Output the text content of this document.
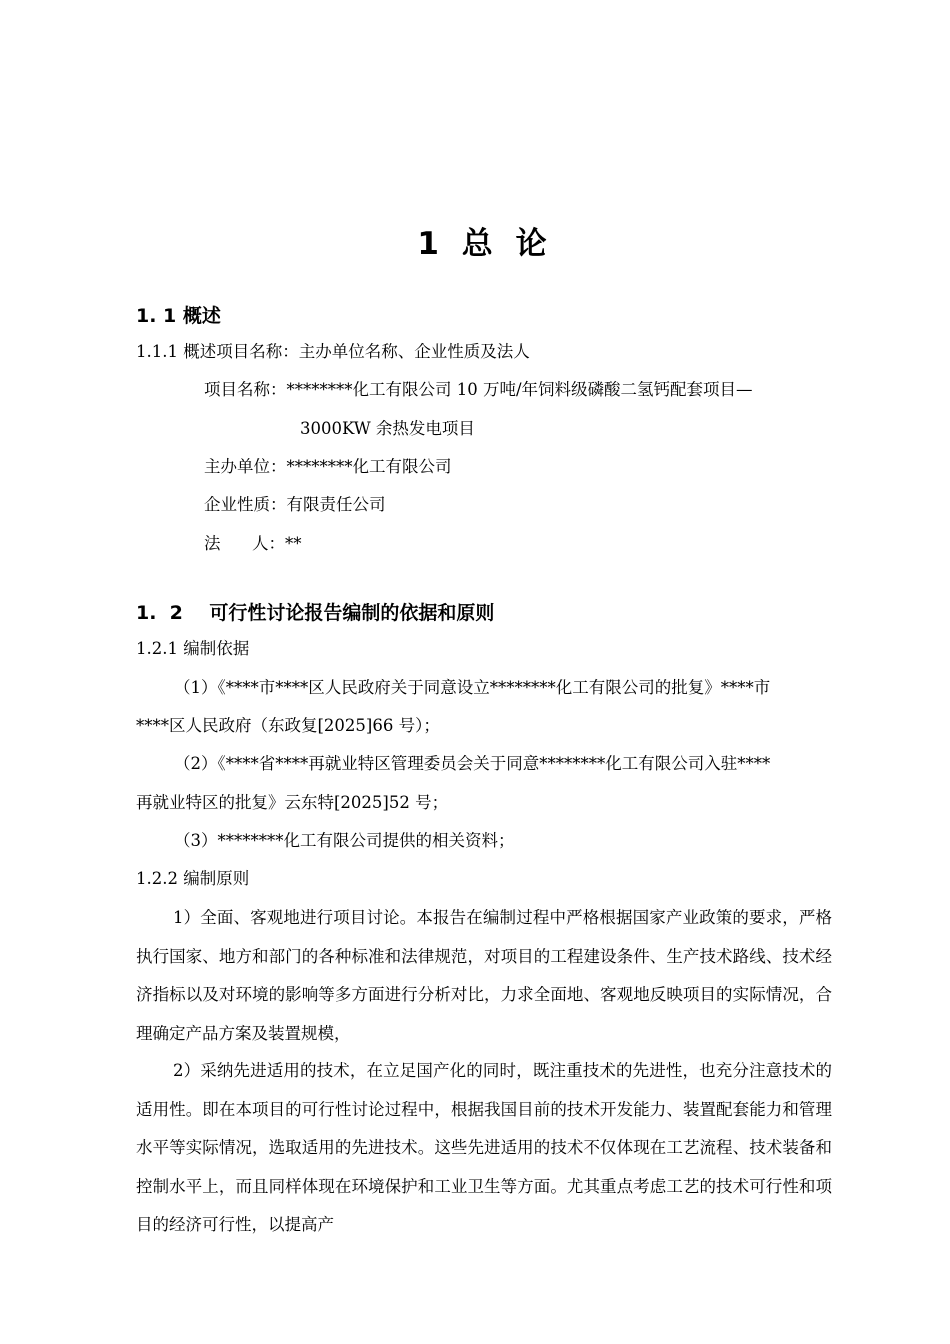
1 总 论
1. 1 概述
1.1.1 概述项目名称：主办单位名称、企业性质及法人
项目名称：********化工有限公司 10 万吨/年饲料级磷酸二氢钙配套项目—
3000KW 余热发电项目
主办单位：********化工有限公司
企业性质：有限责任公司
法      人：**
1.  2    可行性讨论报告编制的依据和原则
1.2.1 编制依据
（1）《****市****区人民政府关于同意设立********化工有限公司的批复》****市
****区人民政府（东政复[2025]66 号）；
（2）《****省****再就业特区管理委员会关于同意********化工有限公司入驻****
再就业特区的批复》云东特[2025]52 号；
（3）********化工有限公司提供的相关资料；
1.2.2 编制原则
1）全面、客观地进行项目讨论。本报告在编制过程中严格根据国家产业政策的要求，严格执行国家、地方和部门的各种标准和法律规范，对项目的工程建设条件、生产技术路线、技术经济指标以及对环境的影响等多方面进行分析对比，力求全面地、客观地反映项目的实际情况，合理确定产品方案及装置规模，
2）采纳先进适用的技术，在立足国产化的同时，既注重技术的先进性，也充分注意技术的适用性。即在本项目的可行性讨论过程中，根据我国目前的技术开发能力、装置配套能力和管理水平等实际情况，选取适用的先进技术。这些先进适用的技术不仅体现在工艺流程、技术装备和控制水平上，而且同样体现在环境保护和工业卫生等方面。尤其重点考虑工艺的技术可行性和项目的经济可行性，以提高产
